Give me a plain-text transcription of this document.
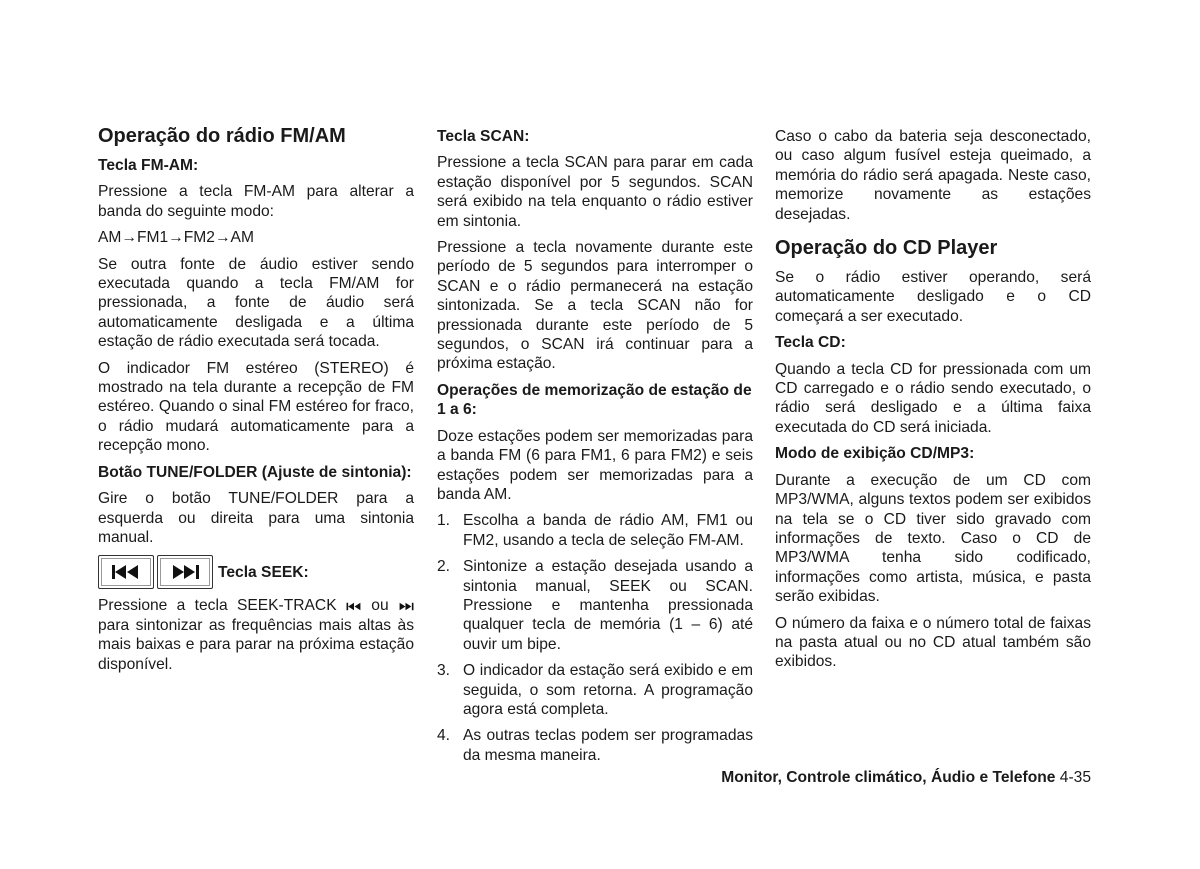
Operação do rádio FM/AM
Tecla FM-AM:

Pressione a tecla FM-AM para alterar a banda do seguinte modo:

AM→FM1→FM2→AM

Se outra fonte de áudio estiver sendo executada quando a tecla FM/AM for pressionada, a fonte de áudio será automaticamente desligada e a última estação de rádio executada será tocada.

O indicador FM estéreo (STEREO) é mostrado na tela durante a recepção de FM estéreo. Quando o sinal FM estéreo for fraco, o rádio mudará automaticamente para a recepção mono.

Botão TUNE/FOLDER (Ajuste de sintonia):

Gire o botão TUNE/FOLDER para a esquerda ou direita para uma sintonia manual.

Tecla SEEK:

Pressione a tecla SEEK-TRACK ou  para sintonizar as frequências mais altas às mais baixas e para parar na próxima estação disponível.

Tecla SCAN:

Pressione a tecla SCAN para parar em cada estação disponível por 5 segundos. SCAN será exibido na tela enquanto o rádio estiver em sintonia.

Pressione a tecla novamente durante este período de 5 segundos para interromper o SCAN e o rádio permanecerá na estação sintonizada. Se a tecla SCAN não for pressionada durante este período de 5 segundos, o SCAN irá continuar para a próxima estação.

Operações de memorização de estação de 1 a 6:

Doze estações podem ser memorizadas para a banda FM (6 para FM1, 6 para FM2) e seis estações podem ser memorizadas para a banda AM.

1. Escolha a banda de rádio AM, FM1 ou FM2, usando a tecla de seleção FM-AM.
2. Sintonize a estação desejada usando a sintonia manual, SEEK ou SCAN. Pressione e mantenha pressionada qualquer tecla de memória (1 – 6) até ouvir um bipe.
3. O indicador da estação será exibido e em seguida, o som retorna. A programação agora está completa.
4. As outras teclas podem ser programadas da mesma maneira.

Caso o cabo da bateria seja desconectado, ou caso algum fusível esteja queimado, a memória do rádio será apagada. Neste caso, memorize novamente as estações desejadas.

Operação do CD Player

Se o rádio estiver operando, será automaticamente desligado e o CD começará a ser executado.

Tecla CD:

Quando a tecla CD for pressionada com um CD carregado e o rádio sendo executado, o rádio será desligado e a última faixa executada do CD será iniciada.

Modo de exibição CD/MP3:

Durante a execução de um CD com MP3/WMA, alguns textos podem ser exibidos na tela se o CD tiver sido gravado com informações de texto. Caso o CD de MP3/WMA tenha sido codificado, informações como artista, música, e pasta serão exibidas.

O número da faixa e o número total de faixas na pasta atual ou no CD atual também são exibidos.

Monitor, Controle climático, Áudio e Telefone 4-35
